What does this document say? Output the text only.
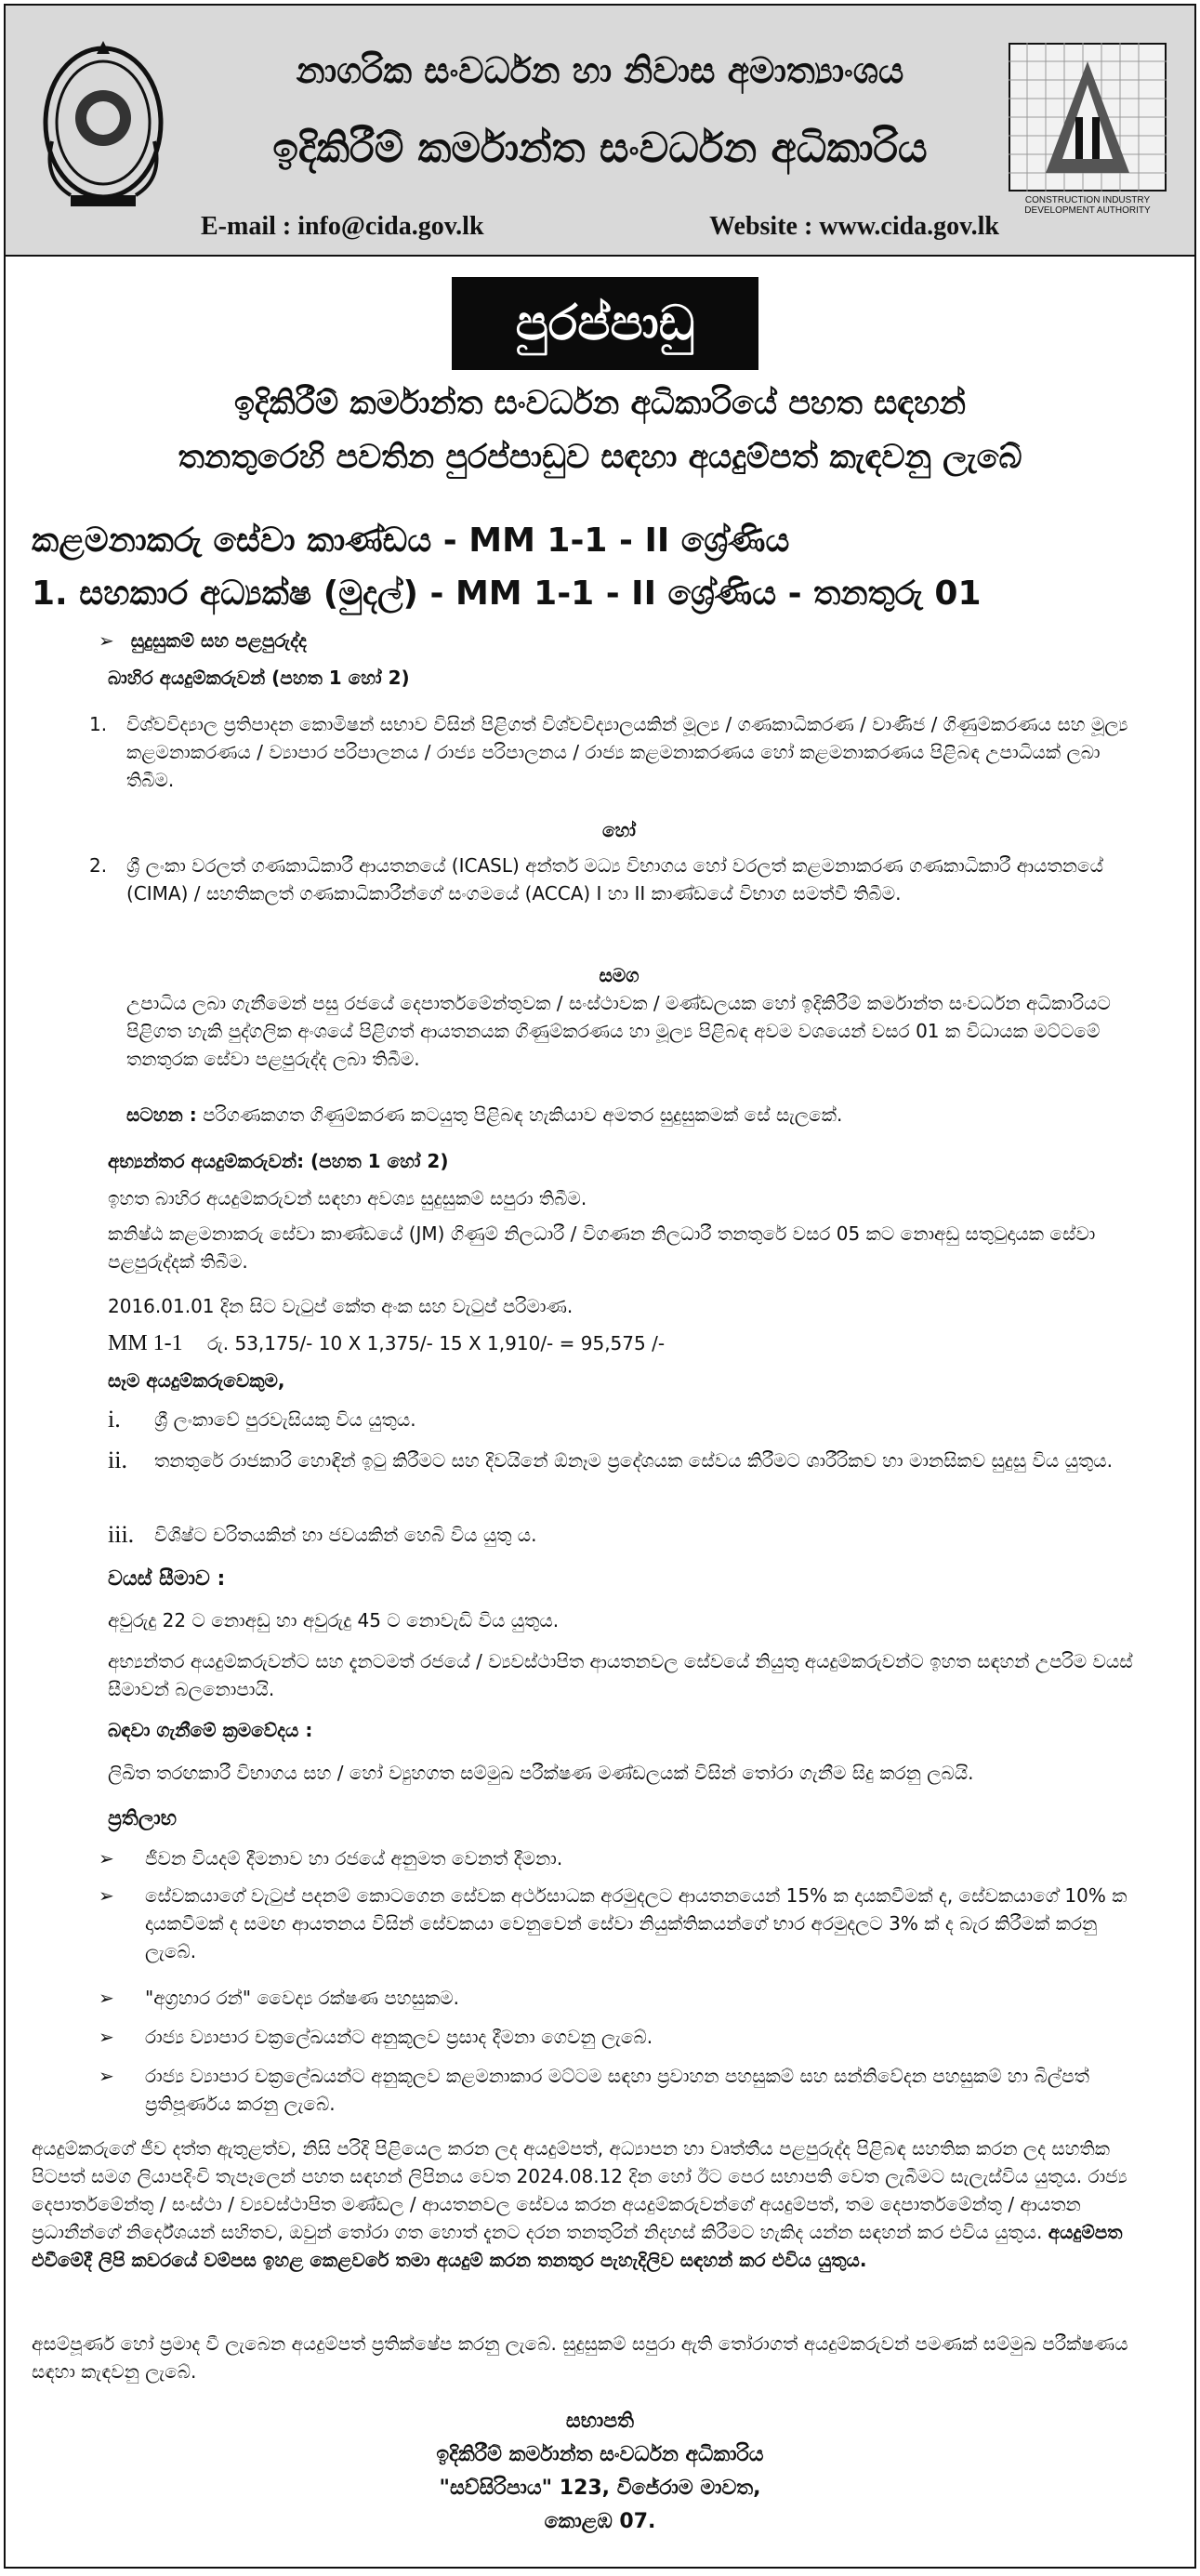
නාගරික සංවර්ධන හා නිවාස අමාත්‍යාංශය
ඉදිකිරීම් කර්මාන්ත සංවර්ධන අධිකාරිය
E-mail : info@cida.gov.lk	Website : www.cida.gov.lk
CONSTRUCTION INDUSTRY
DEVELOPMENT AUTHORITY
පුරප්පාඩු
ඉදිකිරීම් කර්මාන්ත සංවර්ධන අධිකාරියේ පහත සඳහන්
තනතුරෙහි පවතින පුරප්පාඩුව සඳහා අයදුම්පත් කැඳවනු ලැබේ
කළමනාකරු සේවා කාණ්ඩය - MM 1-1 - II ශ්‍රේණිය
1. සහකාර අධ්‍යක්ෂ (මුදල්) - MM 1-1 - II ශ්‍රේණිය - තනතුරු 01
➢ සුදුසුකම් සහ පළපුරුද්ද
බාහිර අයදුම්කරුවන් (පහත 1 හෝ 2)
1. විශ්වවිද්‍යාල ප්‍රතිපාදන කොමිෂන් සභාව විසින් පිළිගත් විශ්වවිද්‍යාලයකින් මූල්‍ය / ගණකාධිකරණ / වාණිජ / ගිණුම්කරණය සහ මූල්‍ය කළමනාකරණය / ව්‍යාපාර පරිපාලනය / රාජ්‍ය පරිපාලනය / රාජ්‍ය කළමනාකරණය හෝ කළමනාකරණය පිළිබඳ උපාධියක් ලබා තිබීම.

හෝ
2. ශ්‍රී ලංකා වරලත් ගණකාධිකාරී ආයතනයේ (ICASL) අන්තර් මධ්‍ය විභාගය හෝ වරලත් කළමනාකරණ ගණකාධිකාරී ආයතනයේ (CIMA) / සහතිකලත් ගණකාධිකාරීන්ගේ සංගමයේ (ACCA) I හා II කාණ්ඩයේ විභාග සමත්වී තිබීම.

සමග
උපාධිය ලබා ගැනීමෙන් පසු රජයේ දෙපාර්තමේන්තුවක / සංස්ථාවක / මණ්ඩලයක හෝ ඉදිකිරීම් කර්මාන්ත සංවර්ධන අධිකාරියට පිළිගත හැකි පුද්ගලික අංශයේ පිළිගත් ආයතනයක ගිණුම්කරණය හා මූල්‍ය පිළිබඳ අවම වශයෙන් වසර 01 ක විධායක මට්ටමේ තනතුරක සේවා පළපුරුද්ද ලබා තිබීම.
සටහන : පරිගණකගත ගිණුම්කරණ කටයුතු පිළිබඳ හැකියාව අමතර සුදුසුකමක් සේ සැලකේ.
අභ්‍යන්තර අයදුම්කරුවන්: (පහත 1 හෝ 2)
ඉහත බාහිර අයදුම්කරුවන් සඳහා අවශ්‍ය සුදුසුකම් සපුරා තිබීම.
කනිෂ්ඨ කළමනාකරු සේවා කාණ්ඩයේ (JM) ගිණුම් නිලධාරී / විගණන නිලධාරී තනතුරේ වසර 05 කට නොඅඩු සතුටුදායක සේවා පළපුරුද්දක් තිබීම.
2016.01.01 දින සිට වැටුප් කේත අංක සහ වැටුප් පරිමාණ.
MM 1-1 රු. 53,175/- 10 X 1,375/- 15 X 1,910/- = 95,575 /-
සෑම අයදුම්කරුවෙකුම,
i. ශ්‍රී ලංකාවේ පුරවැසියකු විය යුතුය.

ii. තනතුරේ රාජකාරි හොඳින් ඉටු කිරීමට සහ දිවයිනේ ඕනෑම ප්‍රදේශයක සේවය කිරීමට ශාරීරිකව හා මානසිකව සුදුසු විය යුතුය.

iii. විශිෂ්ට චරිතයකින් හා ජවයකින් හෙබි විය යුතු ය.

වයස් සීමාව :
අවුරුදු 22 ට නොඅඩු හා අවුරුදු 45 ට නොවැඩි විය යුතුය.
අභ්‍යන්තර අයදුම්කරුවන්ට සහ දැනටමත් රජයේ / ව්‍යවස්ථාපිත ආයතනවල සේවයේ නියුතු අයදුම්කරුවන්ට ඉහත සඳහන් උපරිම වයස් සීමාවන් බලනොපායි.
බඳවා ගැනීමේ ක්‍රමවේදය :
ලිඛිත තරඟකාරී විභාගය සහ / හෝ ව්‍යුහගත සම්මුඛ පරීක්ෂණ මණ්ඩලයක් විසින් තෝරා ගැනීම සිදු කරනු ලබයි.
ප්‍රතිලාභ
➢ ජීවන වියදම් දීමනාව හා රජයේ අනුමත වෙනත් දීමනා.

➢ සේවකයාගේ වැටුප් පදනම් කොටගෙන සේවක අර්ථසාධක අරමුදලට ආයතනයෙන් 15% ක දායකවීමක් ද, සේවකයාගේ 10% ක දායකවීමක් ද සමඟ ආයතනය විසින් සේවකයා වෙනුවෙන් සේවා නියුක්තිකයන්ගේ භාර අරමුදලට 3% ක් ද බැර කිරීමක් කරනු ලැබේ.

➢ "අග්‍රහාර රන්" වෛද්‍ය රක්ෂණ පහසුකම.

➢ රාජ්‍ය ව්‍යාපාර චක්‍රලේඛයන්ට අනුකූලව ප්‍රසාද දීමනා ගෙවනු ලැබේ.

➢ රාජ්‍ය ව්‍යාපාර චක්‍රලේඛයන්ට අනුකූලව කළමනාකාර මට්ටම සඳහා ප්‍රවාහන පහසුකම් සහ සන්නිවේදන පහසුකම් හා බිල්පත් ප්‍රතිපූර්ණය කරනු ලැබේ.

අයදුම්කරුගේ ජීව දත්ත ඇතුළත්ව, නිසි පරිදි පිළියෙල කරන ලද අයදුම්පත්, අධ්‍යාපන හා වෘත්තීය පළපුරුද්ද පිළිබඳ සහතික කරන ලද සහතික පිටපත් සමග ලියාපදිංචි තැපෑලෙන් පහත සඳහන් ලිපිනය වෙත 2024.08.12 දින හෝ ඊට පෙර සභාපති වෙත ලැබීමට සැලැස්විය යුතුය. රාජ්‍ය දෙපාර්තමේන්තු / සංස්ථා / ව්‍යවස්ථාපිත මණ්ඩල / ආයතනවල සේවය කරන අයදුම්කරුවන්ගේ අයදුම්පත්, තම දෙපාර්තමේන්තු / ආයතන ප්‍රධානීන්ගේ නිර්දේශයන් සහිතව, ඔවුන් තෝරා ගත හොත් දැනට දරන තනතුරින් නිදහස් කිරීමට හැකිද යන්න සඳහන් කර එවිය යුතුය. අයදුම්පත එවීමේදී ලිපි කවරයේ වම්පස ඉහළ කෙළවරේ තමා අයදුම් කරන තනතුර පැහැදිලිව සඳහන් කර එවිය යුතුය.
අසම්පූර්ණ හෝ ප්‍රමාද වී ලැබෙන අයදුම්පත් ප්‍රතික්ෂේප කරනු ලැබේ. සුදුසුකම් සපුරා ඇති තෝරාගත් අයදුම්කරුවන් පමණක් සම්මුඛ පරීක්ෂණය සඳහා කැඳවනු ලැබේ.
සභාපති
ඉදිකිරීම් කර්මාන්ත සංවර්ධන අධිකාරිය
"සව්සිරිපාය" 123, විජේරාම මාවත,
කොළඹ 07.
